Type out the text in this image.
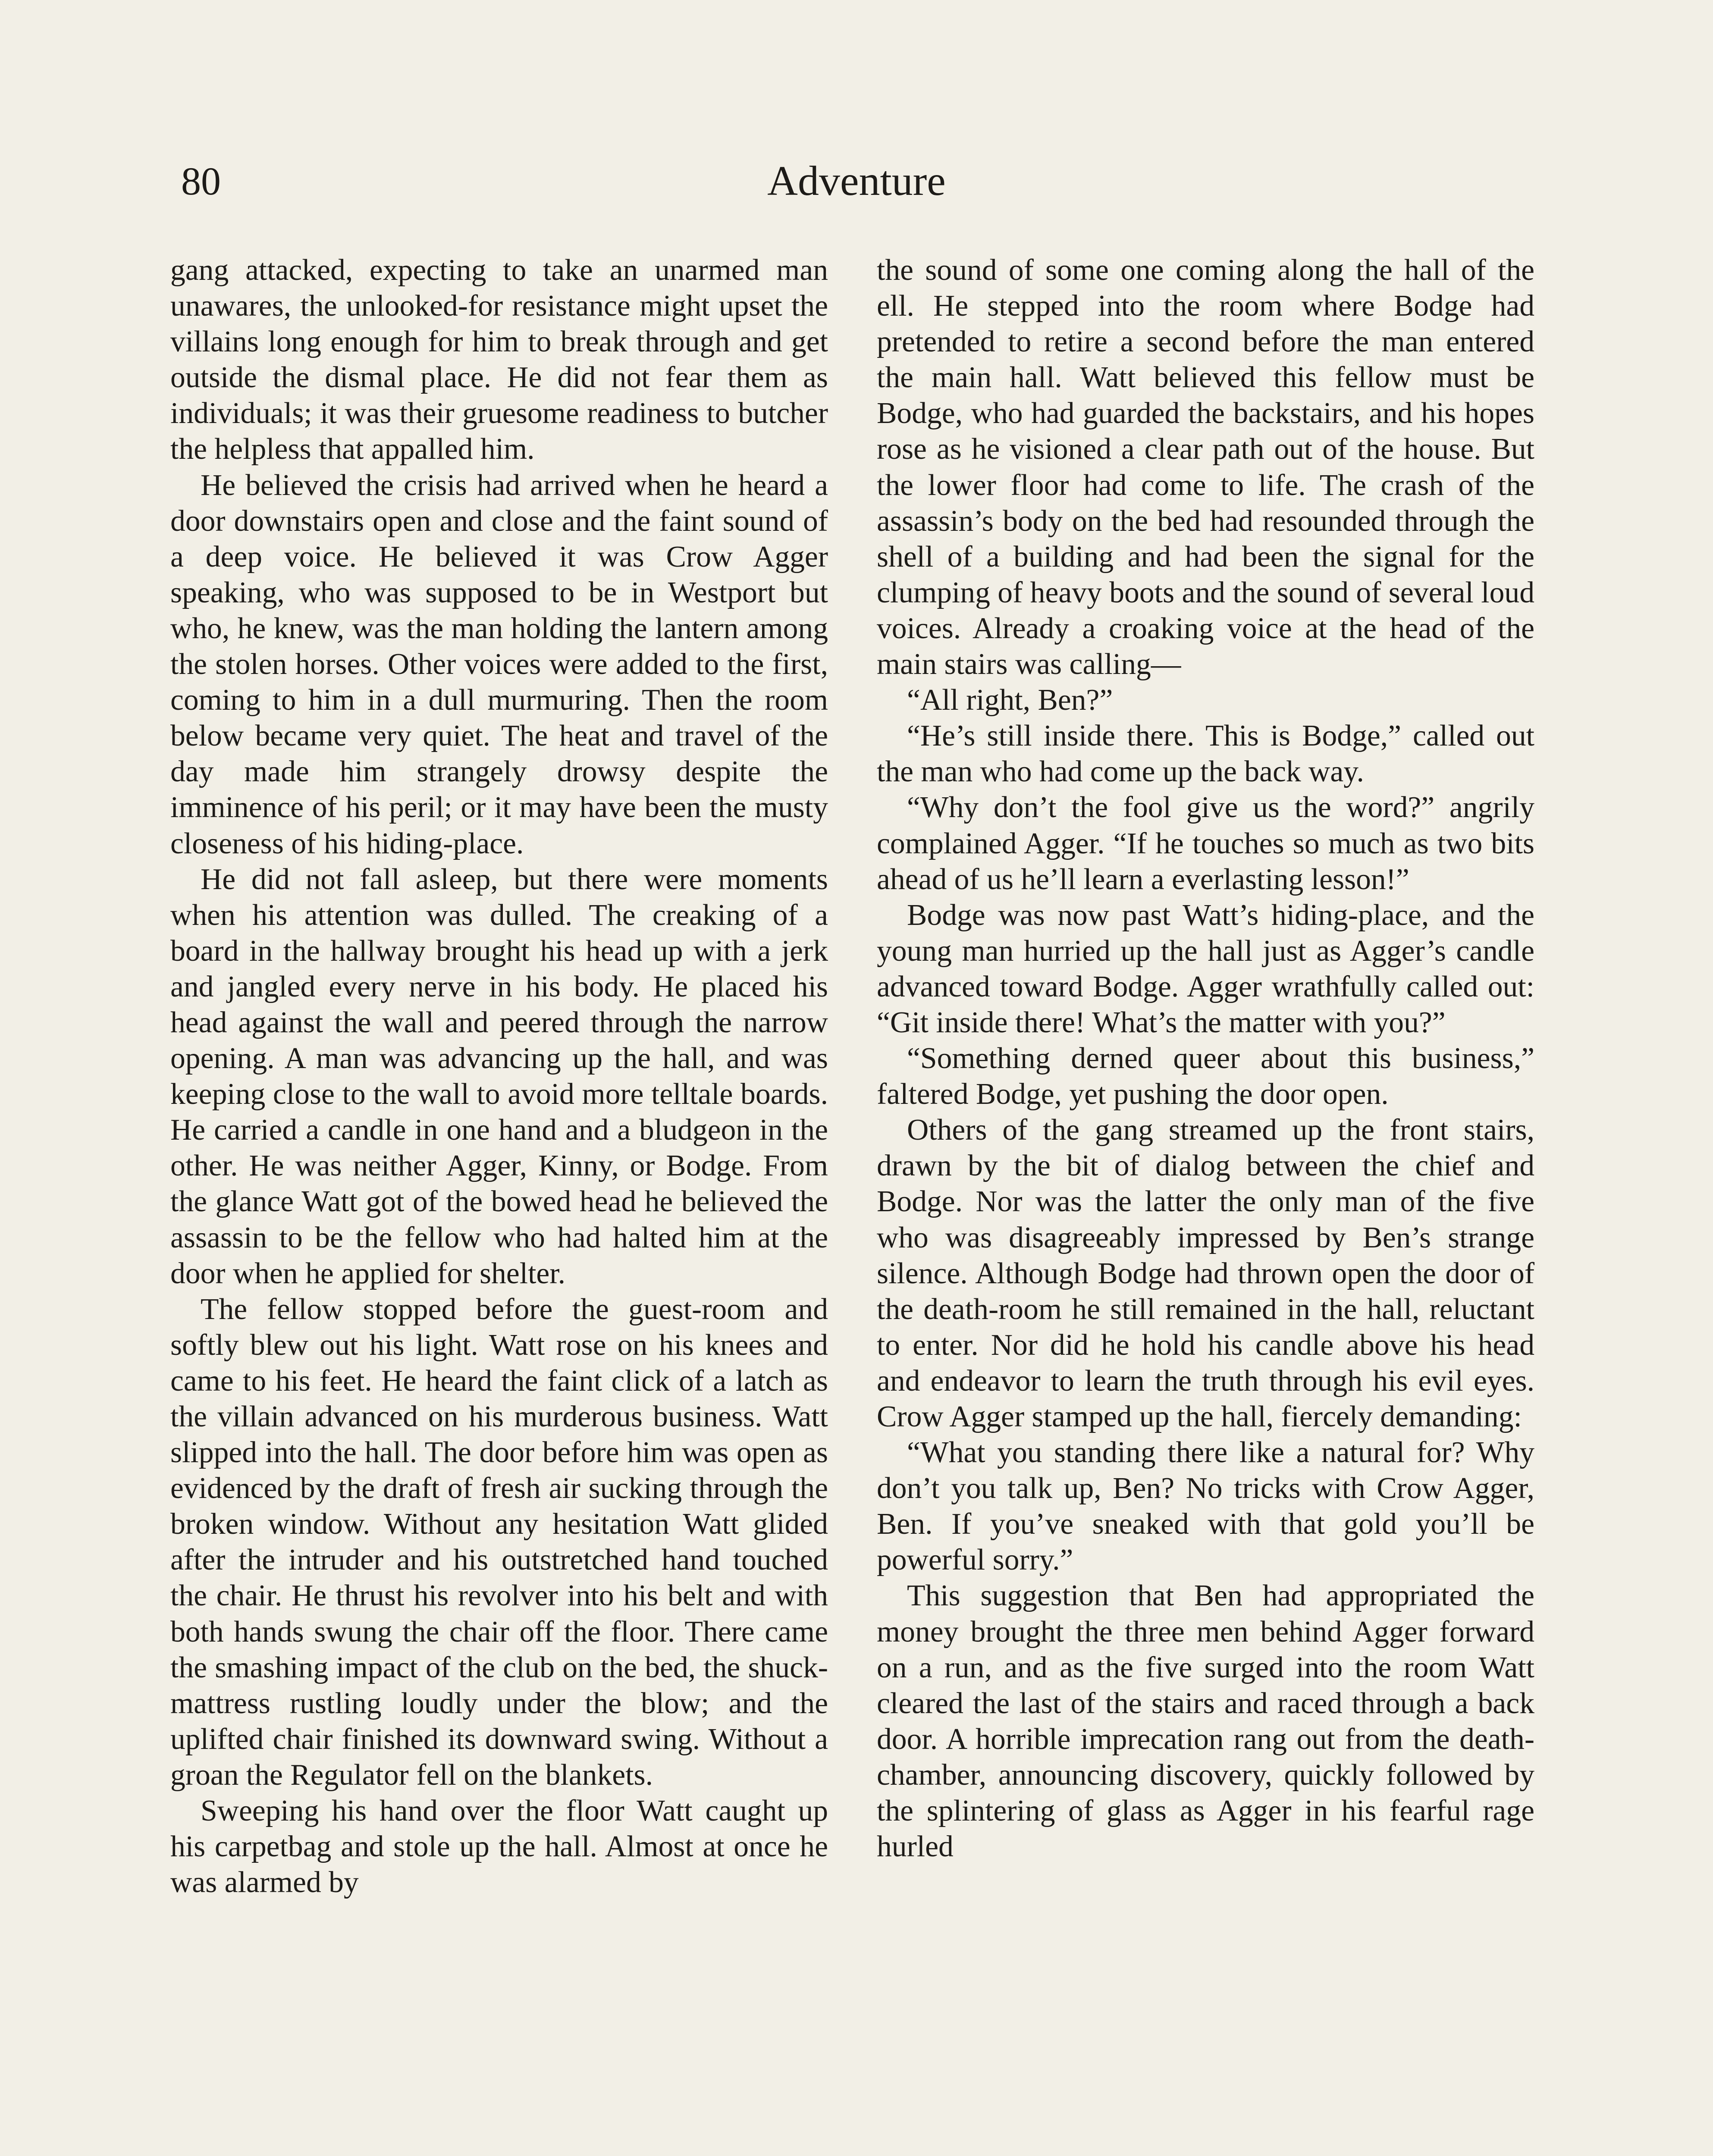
80	Adventure

gang attacked, expecting to take an unarmed man unawares, the unlooked-for resistance might upset the villains long enough for him to break through and get outside the dismal place. He did not fear them as individuals; it was their gruesome readiness to butcher the helpless that appalled him.

He believed the crisis had arrived when he heard a door downstairs open and close and the faint sound of a deep voice. He believed it was Crow Agger speaking, who was supposed to be in Westport but who, he knew, was the man holding the lantern among the stolen horses. Other voices were added to the first, coming to him in a dull murmuring. Then the room below became very quiet. The heat and travel of the day made him strangely drowsy despite the imminence of his peril; or it may have been the musty closeness of his hiding-place.

He did not fall asleep, but there were moments when his attention was dulled. The creaking of a board in the hallway brought his head up with a jerk and jangled every nerve in his body. He placed his head against the wall and peered through the narrow opening. A man was advancing up the hall, and was keeping close to the wall to avoid more telltale boards. He carried a candle in one hand and a bludgeon in the other. He was neither Agger, Kinny, or Bodge. From the glance Watt got of the bowed head he believed the assassin to be the fellow who had halted him at the door when he applied for shelter.

The fellow stopped before the guest-room and softly blew out his light. Watt rose on his knees and came to his feet. He heard the faint click of a latch as the villain advanced on his murderous business. Watt slipped into the hall. The door before him was open as evidenced by the draft of fresh air sucking through the broken window. Without any hesitation Watt glided after the intruder and his outstretched hand touched the chair. He thrust his revolver into his belt and with both hands swung the chair off the floor. There came the smashing impact of the club on the bed, the shuck-mattress rustling loudly under the blow; and the uplifted chair finished its downward swing. Without a groan the Regulator fell on the blankets.

Sweeping his hand over the floor Watt caught up his carpetbag and stole up the hall. Almost at once he was alarmed by

the sound of some one coming along the hall of the ell. He stepped into the room where Bodge had pretended to retire a second before the man entered the main hall. Watt believed this fellow must be Bodge, who had guarded the backstairs, and his hopes rose as he visioned a clear path out of the house. But the lower floor had come to life. The crash of the assassin’s body on the bed had resounded through the shell of a building and had been the signal for the clumping of heavy boots and the sound of several loud voices. Already a croaking voice at the head of the main stairs was calling—

“All right, Ben?”

“He’s still inside there. This is Bodge,” called out the man who had come up the back way.

“Why don’t the fool give us the word?” angrily complained Agger. “If he touches so much as two bits ahead of us he’ll learn a everlasting lesson!”

Bodge was now past Watt’s hiding-place, and the young man hurried up the hall just as Agger’s candle advanced toward Bodge. Agger wrathfully called out: “Git inside there! What’s the matter with you?”

“Something derned queer about this business,” faltered Bodge, yet pushing the door open.

Others of the gang streamed up the front stairs, drawn by the bit of dialog between the chief and Bodge. Nor was the latter the only man of the five who was disagreeably impressed by Ben’s strange silence. Although Bodge had thrown open the door of the death-room he still remained in the hall, reluctant to enter. Nor did he hold his candle above his head and endeavor to learn the truth through his evil eyes. Crow Agger stamped up the hall, fiercely demanding:

“What you standing there like a natural for? Why don’t you talk up, Ben? No tricks with Crow Agger, Ben. If you’ve sneaked with that gold you’ll be powerful sorry.”

This suggestion that Ben had appropriated the money brought the three men behind Agger forward on a run, and as the five surged into the room Watt cleared the last of the stairs and raced through a back door. A horrible imprecation rang out from the death-chamber, announcing discovery, quickly followed by the splintering of glass as Agger in his fearful rage hurled
